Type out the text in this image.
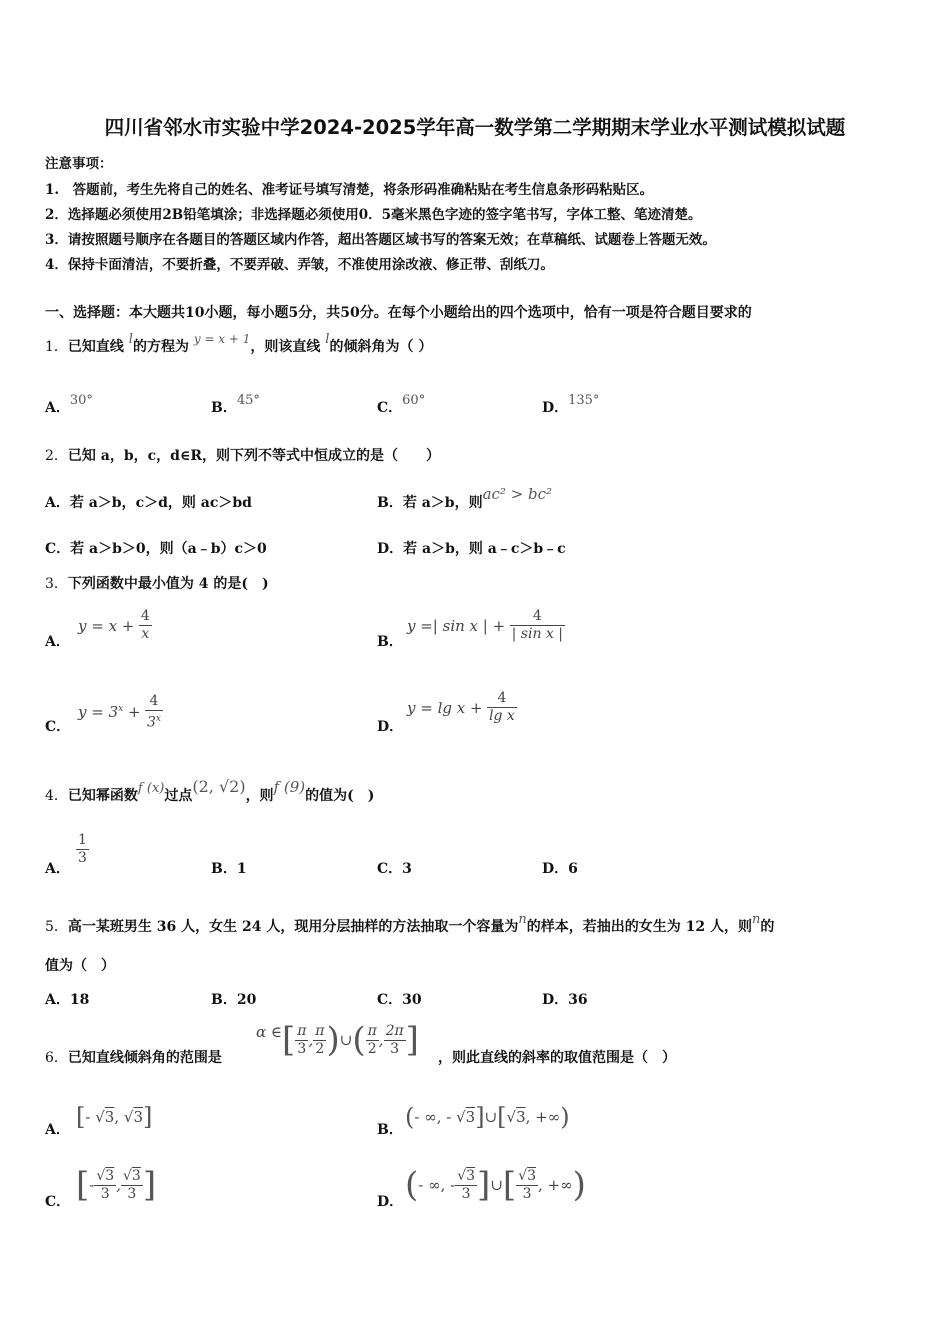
四川省邻水市实验中学2024-2025学年高一数学第二学期期末学业水平测试模拟试题
注意事项：
1.　答题前，考生先将自己的姓名、准考证号填写清楚，将条形码准确粘贴在考生信息条形码粘贴区。
2．选择题必须使用2B铅笔填涂；非选择题必须使用0．5毫米黑色字迹的签字笔书写，字体工整、笔迹清楚。
3．请按照题号顺序在各题目的答题区域内作答，超出答题区域书写的答案无效；在草稿纸、试题卷上答题无效。
4．保持卡面清洁，不要折叠，不要弄破、弄皱，不准使用涂改液、修正带、刮纸刀。
一、选择题：本大题共10小题，每小题5分，共50分。在每个小题给出的四个选项中，恰有一项是符合题目要求的
1．已知直线 l的方程为 y = x + 1，则该直线 l的倾斜角为（ ）
A．30°	B．45°	C．60°	D．135°
2．已知 a，b，c，d∈R，则下列不等式中恒成立的是（　　）
A．若 a＞b，c＞d，则 ac＞bd	B．若 a＞b，则ac² > bc²
C．若 a＞b＞0，则（a﹣b）c＞0	D．若 a＞b，则 a﹣c＞b﹣c
3．下列函数中最小值为 4 的是(　)
A．
$y = x + \frac{4}{x}$	B．
y =| sin x | + $\frac{4}{\text{| sin x |}}$
C．
$y = 3^x + \frac{4}{3^x}$	D．
$y = \lg x + \frac{4}{\text{lg x}}$
4．已知幂函数f (x)过点(2, √2)，则f (9)的值为(　)
A．
$\frac{1}{3}$
B．1	C．3	D．6
5．高一某班男生 36 人，女生 24 人，现用分层抽样的方法抽取一个容量为n的样本，若抽出的女生为 12 人，则n的
值为（　）
A．18	B．20	C．30	D．36
6．已知直线倾斜角的范围是
α ∈[ $\frac{\pi}{3}$ , $\frac{\pi}{2}$ )∪( $\frac{\pi}{2}$ , $\frac{2\pi}{3}$ ] ，则此直线的斜率的取值范围是（　）
A． [- √3, √3]	B． (- ∞, - √3]∪[√3, +∞)
C． [- $\frac{√3}{3}$ , $\frac{√3}{3}$ ]	D． (- ∞, - $\frac{√3}{3}$ ]∪[ $\frac{√3}{3}$ , +∞)
